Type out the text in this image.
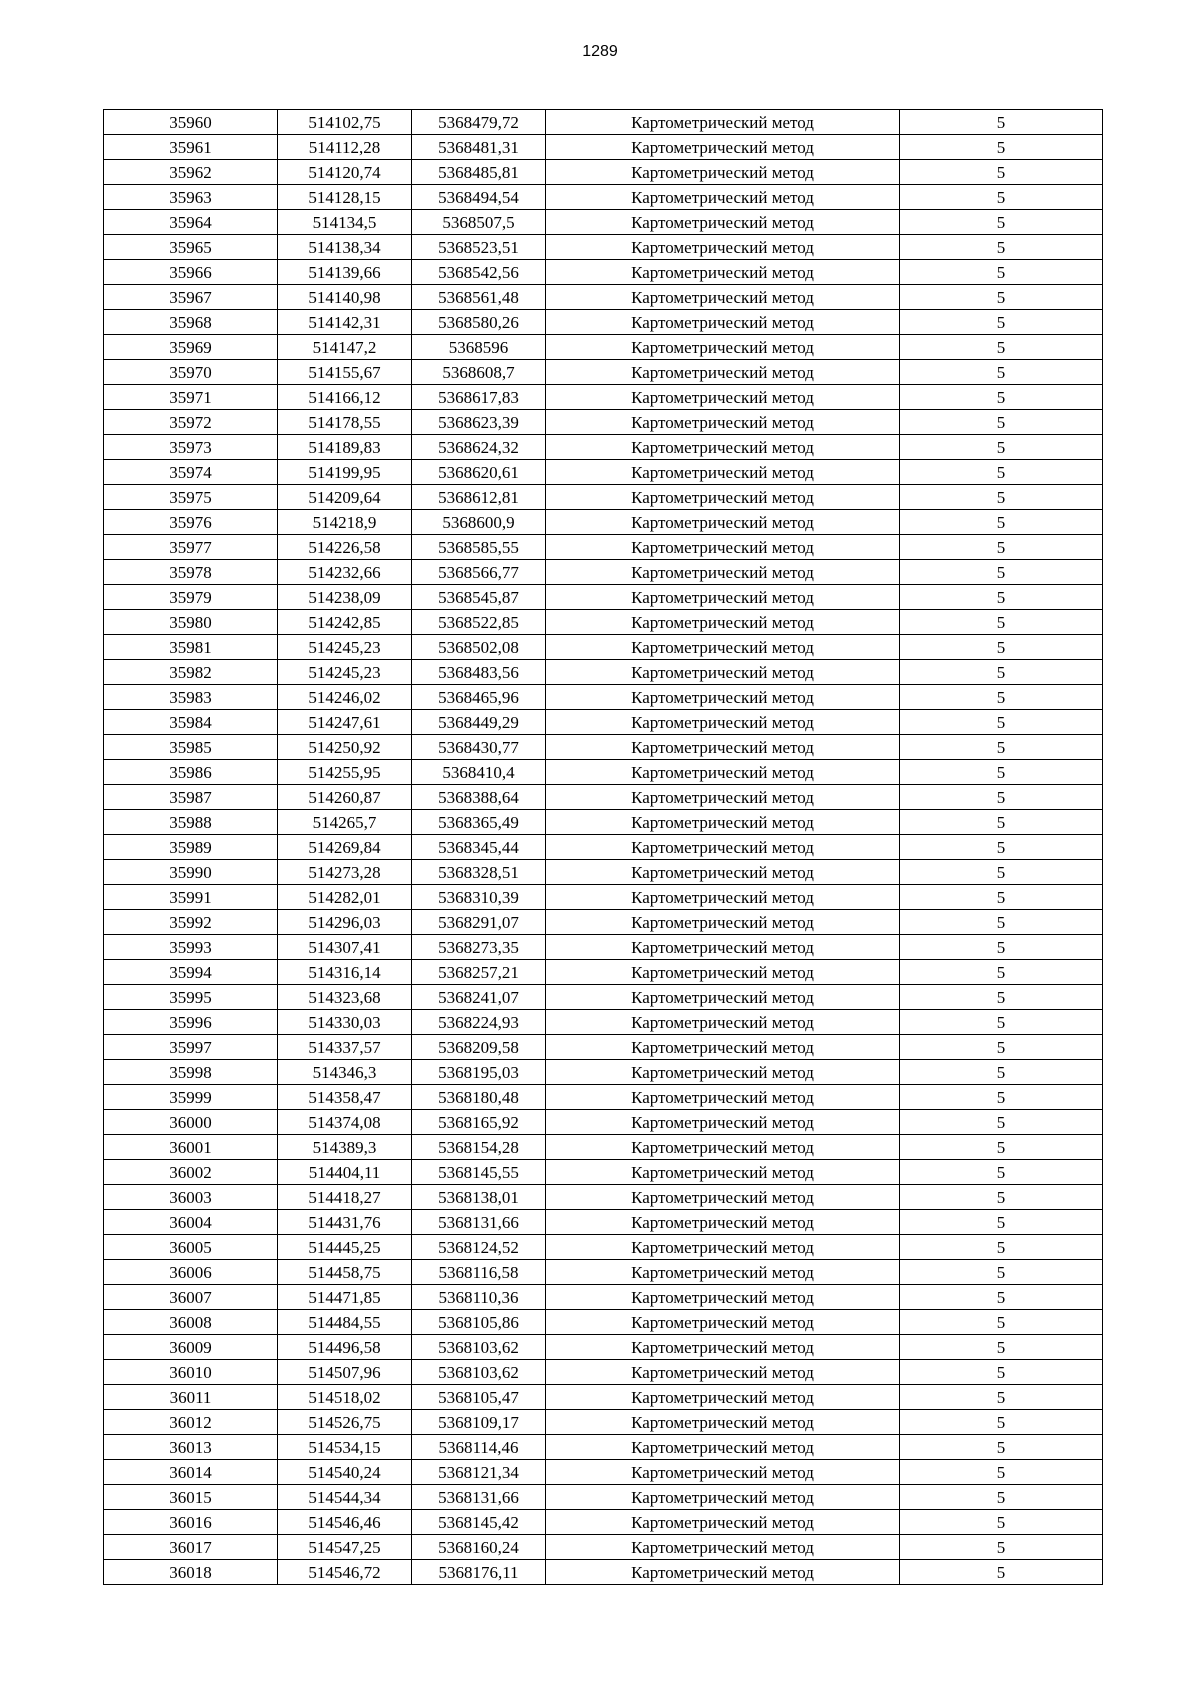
1289
35960	514102,75	5368479,72	Картометрический метод	5
35961	514112,28	5368481,31	Картометрический метод	5
35962	514120,74	5368485,81	Картометрический метод	5
35963	514128,15	5368494,54	Картометрический метод	5
35964	514134,5	5368507,5	Картометрический метод	5
35965	514138,34	5368523,51	Картометрический метод	5
35966	514139,66	5368542,56	Картометрический метод	5
35967	514140,98	5368561,48	Картометрический метод	5
35968	514142,31	5368580,26	Картометрический метод	5
35969	514147,2	5368596	Картометрический метод	5
35970	514155,67	5368608,7	Картометрический метод	5
35971	514166,12	5368617,83	Картометрический метод	5
35972	514178,55	5368623,39	Картометрический метод	5
35973	514189,83	5368624,32	Картометрический метод	5
35974	514199,95	5368620,61	Картометрический метод	5
35975	514209,64	5368612,81	Картометрический метод	5
35976	514218,9	5368600,9	Картометрический метод	5
35977	514226,58	5368585,55	Картометрический метод	5
35978	514232,66	5368566,77	Картометрический метод	5
35979	514238,09	5368545,87	Картометрический метод	5
35980	514242,85	5368522,85	Картометрический метод	5
35981	514245,23	5368502,08	Картометрический метод	5
35982	514245,23	5368483,56	Картометрический метод	5
35983	514246,02	5368465,96	Картометрический метод	5
35984	514247,61	5368449,29	Картометрический метод	5
35985	514250,92	5368430,77	Картометрический метод	5
35986	514255,95	5368410,4	Картометрический метод	5
35987	514260,87	5368388,64	Картометрический метод	5
35988	514265,7	5368365,49	Картометрический метод	5
35989	514269,84	5368345,44	Картометрический метод	5
35990	514273,28	5368328,51	Картометрический метод	5
35991	514282,01	5368310,39	Картометрический метод	5
35992	514296,03	5368291,07	Картометрический метод	5
35993	514307,41	5368273,35	Картометрический метод	5
35994	514316,14	5368257,21	Картометрический метод	5
35995	514323,68	5368241,07	Картометрический метод	5
35996	514330,03	5368224,93	Картометрический метод	5
35997	514337,57	5368209,58	Картометрический метод	5
35998	514346,3	5368195,03	Картометрический метод	5
35999	514358,47	5368180,48	Картометрический метод	5
36000	514374,08	5368165,92	Картометрический метод	5
36001	514389,3	5368154,28	Картометрический метод	5
36002	514404,11	5368145,55	Картометрический метод	5
36003	514418,27	5368138,01	Картометрический метод	5
36004	514431,76	5368131,66	Картометрический метод	5
36005	514445,25	5368124,52	Картометрический метод	5
36006	514458,75	5368116,58	Картометрический метод	5
36007	514471,85	5368110,36	Картометрический метод	5
36008	514484,55	5368105,86	Картометрический метод	5
36009	514496,58	5368103,62	Картометрический метод	5
36010	514507,96	5368103,62	Картометрический метод	5
36011	514518,02	5368105,47	Картометрический метод	5
36012	514526,75	5368109,17	Картометрический метод	5
36013	514534,15	5368114,46	Картометрический метод	5
36014	514540,24	5368121,34	Картометрический метод	5
36015	514544,34	5368131,66	Картометрический метод	5
36016	514546,46	5368145,42	Картометрический метод	5
36017	514547,25	5368160,24	Картометрический метод	5
36018	514546,72	5368176,11	Картометрический метод	5
